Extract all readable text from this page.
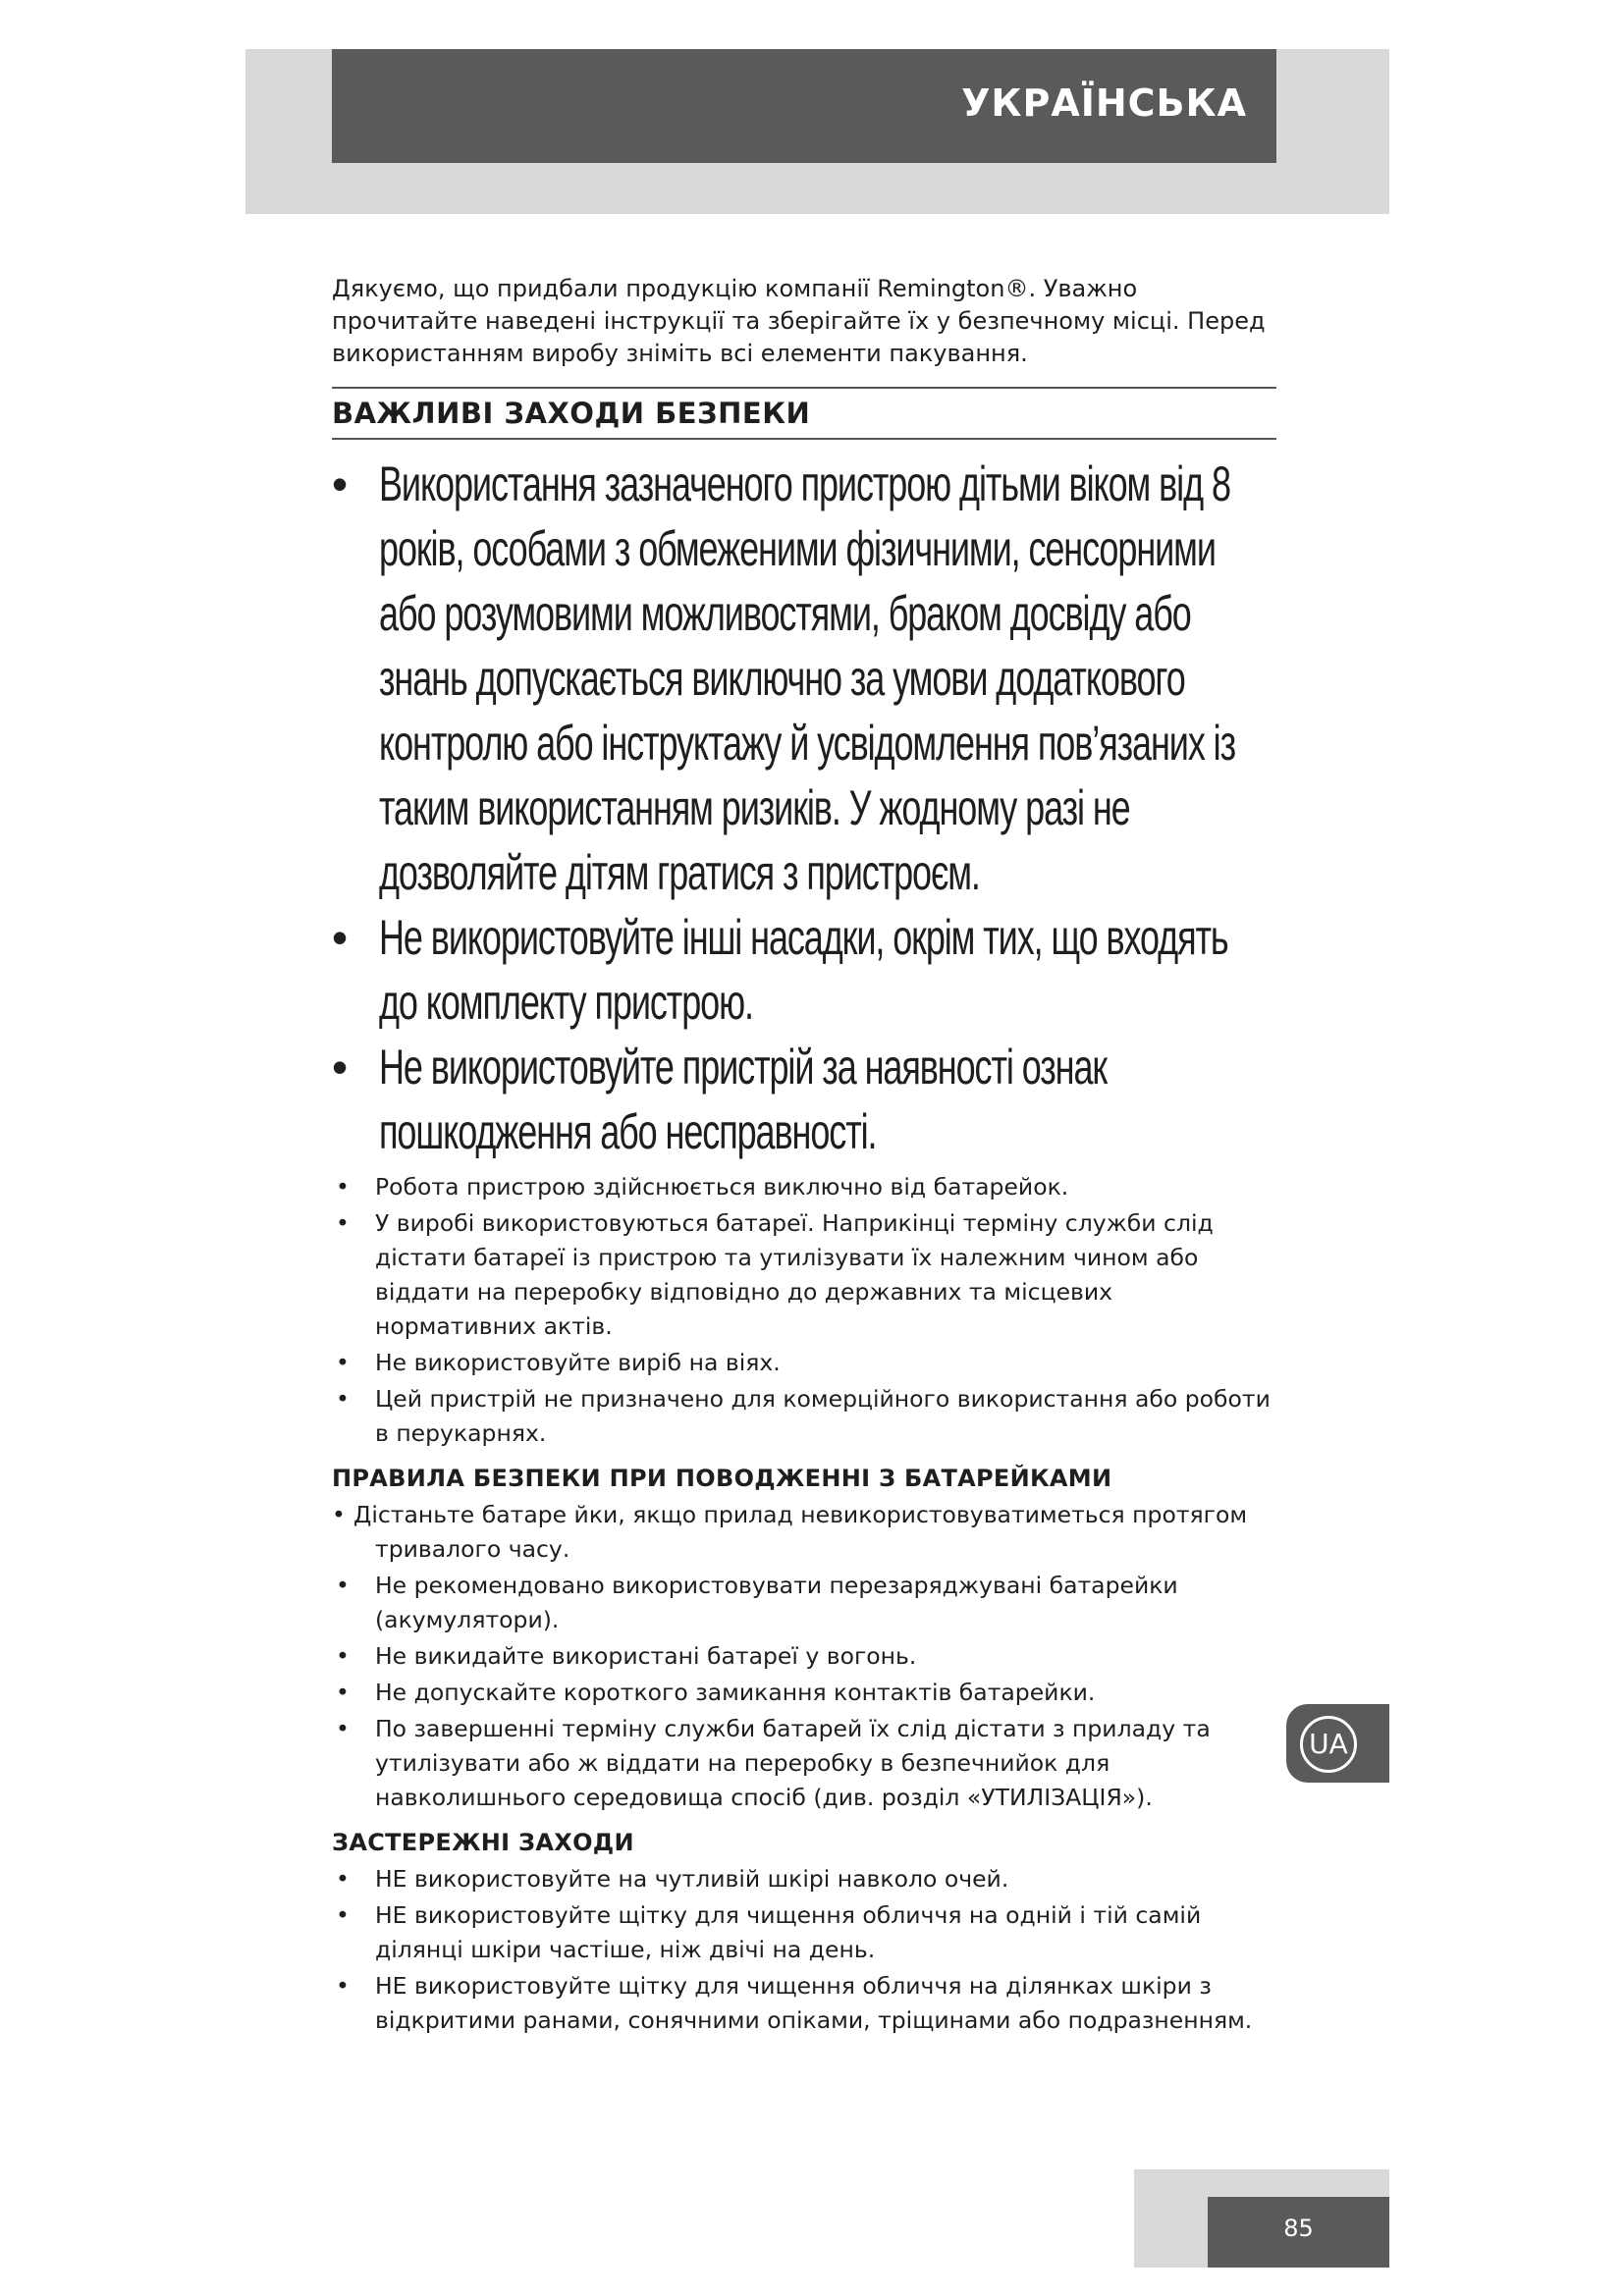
УКРАЇНСЬКА

Дякуємо, що придбали продукцію компанії Remington®. Уважно прочитайте наведені інструкції та зберігайте їх у безпечному місці. Перед використанням виробу зніміть всі елементи пакування.

ВАЖЛИВІ ЗАХОДИ БЕЗПЕКИ
• Використання зазначеного пристрою дітьми віком від 8 років, особами з обмеженими фізичними, сенсорними або розумовими можливостями, браком досвіду або знань допускається виключно за умови додаткового контролю або інструктажу й усвідомлення пов’язаних із таким використанням ризиків. У жодному разі не дозволяйте дітям гратися з пристроєм.
• Не використовуйте інші насадки, окрім тих, що входять до комплекту пристрою.
• Не використовуйте пристрій за наявності ознак пошкодження або несправності.
• Робота пристрою здійснюється виключно від батарейок.
• У виробі використовуються батареї. Наприкінці терміну служби слід дістати батареї із пристрою та утилізувати їх належним чином або віддати на переробку відповідно до державних та місцевих нормативних актів.
• Не використовуйте виріб на віях.
• Цей пристрій не призначено для комерційного використання або роботи в перукарнях.
ПРАВИЛА БЕЗПЕКИ ПРИ ПОВОДЖЕННІ З БАТАРЕЙКАМИ
• Дістаньте батаре йки, якщо прилад невикористовуватиметься протягом тривалого часу.
• Не рекомендовано використовувати перезаряджувані батарейки (акумулятори).
• Не викидайте використані батареї у вогонь.
• Не допускайте короткого замикання контактів батарейки.
• По завершенні терміну служби батарей їх слід дістати з приладу та утилізувати або ж віддати на переробку в безпечнийок для навколишнього середовища спосіб (див. розділ «УТИЛІЗАЦІЯ»).
ЗАСТЕРЕЖНІ ЗАХОДИ
• НЕ використовуйте на чутливій шкірі навколо очей.
• НЕ використовуйте щітку для чищення обличчя на одній і тій самій ділянці шкіри частіше, ніж двічі на день.
• НЕ використовуйте щітку для чищення обличчя на ділянках шкіри з відкритими ранами, сонячними опіками, тріщинами або подразненням.
UA
85
